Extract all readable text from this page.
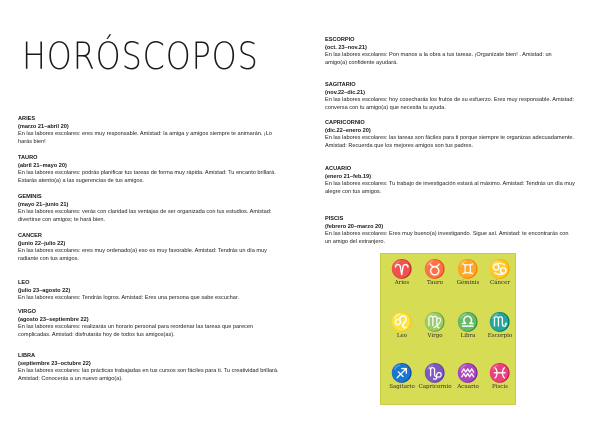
HORÓSCOPOS
ARIES
(marzo 21–abril 20)
En las labores escolares: eres muy responsable. Amistad: la amiga y amigos siempre te animarán. ¡Lo harás bien!
TAURO
(abril 21–mayo 20)
En las labores escolares: podrás planificar tus tareas de forma muy rápida. Amistad: Tu encanto brillará. Estarás atento(a) a las sugerencias de tus amigos.
GEMINIS
(mayo 21–junio 21)
En las labores escolares: verás con claridad las ventajas de ser organizada con tus estudios. Amistad: divertirse con amigos; te hará bien.
CANCER
(junio 22–julio 22)
En las labores escolares: eres muy ordenado(a) eso es muy favorable. Amistad: Tendrás un día muy radiante con tus amigos.
LEO
(julio 23–agosto 22)
En las labores escolares: Tendrás logros. Amistad: Eres una persona que sabe escuchar.
VIRGO
(agosto 23–septiembre 22)
En las labores escolares: realizarás un horario personal para reordenar las tareas que parecen complicadas. Amistad: disfrutarás hoy de todos tus amigos(as).
LIBRA
(septiembre 23–octubre 22)
En las labores escolares: las prácticas trabajadas en tus cursos son fáciles para ti. Tu creatividad brillará. Amistad: Conocerás a un nuevo amigo(a).
ESCORPIO
(oct. 23–nov.21)
En las labores escolares: Pon manos a la obra a tus tareas. ¡Organízate bien! . Amistad: un amigo(a) confidente ayudará.
SAGITARIO
(nov.22–dic.21)
En las labores escolares: hoy cosecharás los frutos de su esfuerzo. Eres muy responsable. Amistad: conversa con tu amigo(a) que necesita tu ayuda.
CAPRICORNIO
(dic.22–enero 20)
En las labores escolares: las tareas son fáciles para ti porque siempre te organizas adecuadamente. Amistad: Recuerda que los mejores amigos son tus padres.
ACUARIO
(enero 21–feb.19)
En las labores escolares: Tu trabajo de investigación estará al máximo. Amistad: Tendrás un día muy alegre con tus amigos.
PISCIS
(febrero 20–marzo 20)
En las labores escolares: Eres muy bueno(a) investigando. Sigue así. Amistad: te encontrarás con un amigo del extranjero.
♈
Aries
♉
Tauro
♊
Géminis
♋
Cáncer
♌
Leo
♍
Virgo
♎
Libra
♏
Escorpio
♐
Sagitario
♑
Capricornio
♒
Acuario
♓
Piscis
